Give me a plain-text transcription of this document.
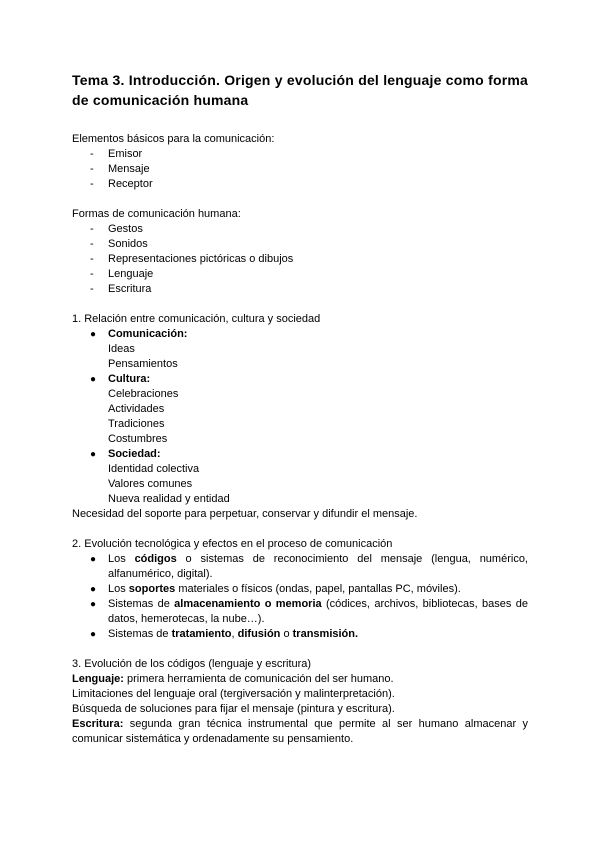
Tema 3. Introducción. Origen y evolución del lenguaje como forma de comunicación humana

Elementos básicos para la comunicación:

- Emisor
- Mensaje
- Receptor

Formas de comunicación humana:

- Gestos
- Sonidos
- Representaciones pictóricas o dibujos
- Lenguaje
- Escritura

1. Relación entre comunicación, cultura y sociedad

● Comunicación:
Ideas
Pensamientos
● Cultura:
Celebraciones
Actividades
Tradiciones
Costumbres
● Sociedad:
Identidad colectiva
Valores comunes
Nueva realidad y entidad

Necesidad del soporte para perpetuar, conservar y difundir el mensaje.

2. Evolución tecnológica y efectos en el proceso de comunicación

● Los códigos o sistemas de reconocimiento del mensaje (lengua, numérico, alfanumérico, digital).
● Los soportes materiales o físicos (ondas, papel, pantallas PC, móviles).
● Sistemas de almacenamiento o memoria (códices, archivos, bibliotecas, bases de datos, hemerotecas, la nube…).
● Sistemas de tratamiento, difusión o transmisión.

3. Evolución de los códigos (lenguaje y escritura)

Lenguaje: primera herramienta de comunicación del ser humano.

Limitaciones del lenguaje oral (tergiversación y malinterpretación).

Búsqueda de soluciones para fijar el mensaje (pintura y escritura).

Escritura: segunda gran técnica instrumental que permite al ser humano almacenar y comunicar sistemática y ordenadamente su pensamiento.
